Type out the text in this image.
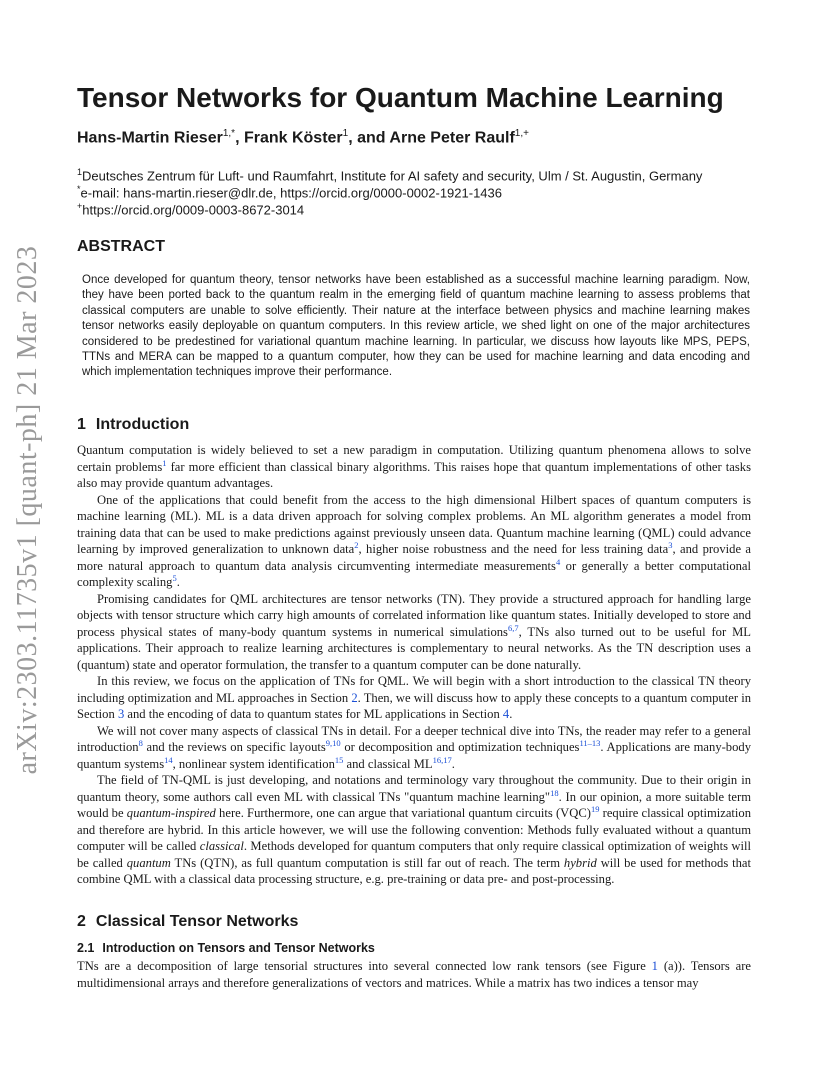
arXiv:2303.11735v1 [quant-ph] 21 Mar 2023
Tensor Networks for Quantum Machine Learning
Hans-Martin Rieser$^{1,*}$, Frank Köster$^1$, and Arne Peter Raulf$^{1,+}$
$^1$Deutsches Zentrum für Luft- und Raumfahrt, Institute for AI safety and security, Ulm / St. Augustin, Germany
*e-mail: hans-martin.rieser@dlr.de, https://orcid.org/0000-0002-1921-1436
+https://orcid.org/0009-0003-8672-3014
ABSTRACT
Once developed for quantum theory, tensor networks have been established as a successful machine learning paradigm. Now, they have been ported back to the quantum realm in the emerging field of quantum machine learning to assess problems that classical computers are unable to solve efficiently. Their nature at the interface between physics and machine learning makes tensor networks easily deployable on quantum computers. In this review article, we shed light on one of the major architectures considered to be predestined for variational quantum machine learning. In particular, we discuss how layouts like MPS, PEPS, TTNs and MERA can be mapped to a quantum computer, how they can be used for machine learning and data encoding and which implementation techniques improve their performance.
1 Introduction

Quantum computation is widely believed to set a new paradigm in computation. Utilizing quantum phenomena allows to solve certain problems$^1$ far more efficient than classical binary algorithms. This raises hope that quantum implementations of other tasks also may provide quantum advantages.

One of the applications that could benefit from the access to the high dimensional Hilbert spaces of quantum computers is machine learning (ML). ML is a data driven approach for solving complex problems. An ML algorithm generates a model from training data that can be used to make predictions against previously unseen data. Quantum machine learning (QML) could advance learning by improved generalization to unknown data$^2$, higher noise robustness and the need for less training data$^3$, and provide a more natural approach to quantum data analysis circumventing intermediate measurements$^4$ or generally a better computational complexity scaling$^5$.

Promising candidates for QML architectures are tensor networks (TN). They provide a structured approach for handling large objects with tensor structure which carry high amounts of correlated information like quantum states. Initially developed to store and process physical states of many-body quantum systems in numerical simulations$^{6,7}$, TNs also turned out to be useful for ML applications. Their approach to realize learning architectures is complementary to neural networks. As the TN description uses a (quantum) state and operator formulation, the transfer to a quantum computer can be done naturally.

In this review, we focus on the application of TNs for QML. We will begin with a short introduction to the classical TN theory including optimization and ML approaches in Section 2. Then, we will discuss how to apply these concepts to a quantum computer in Section 3 and the encoding of data to quantum states for ML applications in Section 4.

We will not cover many aspects of classical TNs in detail. For a deeper technical dive into TNs, the reader may refer to a general introduction$^8$ and the reviews on specific layouts$^{9,10}$ or decomposition and optimization techniques$^{11-13}$. Applications are many-body quantum systems$^{14}$, nonlinear system identification$^{15}$ and classical ML$^{16,17}$.

The field of TN-QML is just developing, and notations and terminology vary throughout the community. Due to their origin in quantum theory, some authors call even ML with classical TNs "quantum machine learning"$^{18}$. In our opinion, a more suitable term would be quantum-inspired here. Furthermore, one can argue that variational quantum circuits (VQC)$^{19}$ require classical optimization and therefore are hybrid. In this article however, we will use the following convention: Methods fully evaluated without a quantum computer will be called classical. Methods developed for quantum computers that only require classical optimization of weights will be called quantum TNs (QTN), as full quantum computation is still far out of reach. The term hybrid will be used for methods that combine QML with a classical data processing structure, e.g. pre-training or data pre- and post-processing.

2 Classical Tensor Networks
2.1 Introduction on Tensors and Tensor Networks

TNs are a decomposition of large tensorial structures into several connected low rank tensors (see Figure 1 (a)). Tensors are multidimensional arrays and therefore generalizations of vectors and matrices. While a matrix has two indices a tensor may
